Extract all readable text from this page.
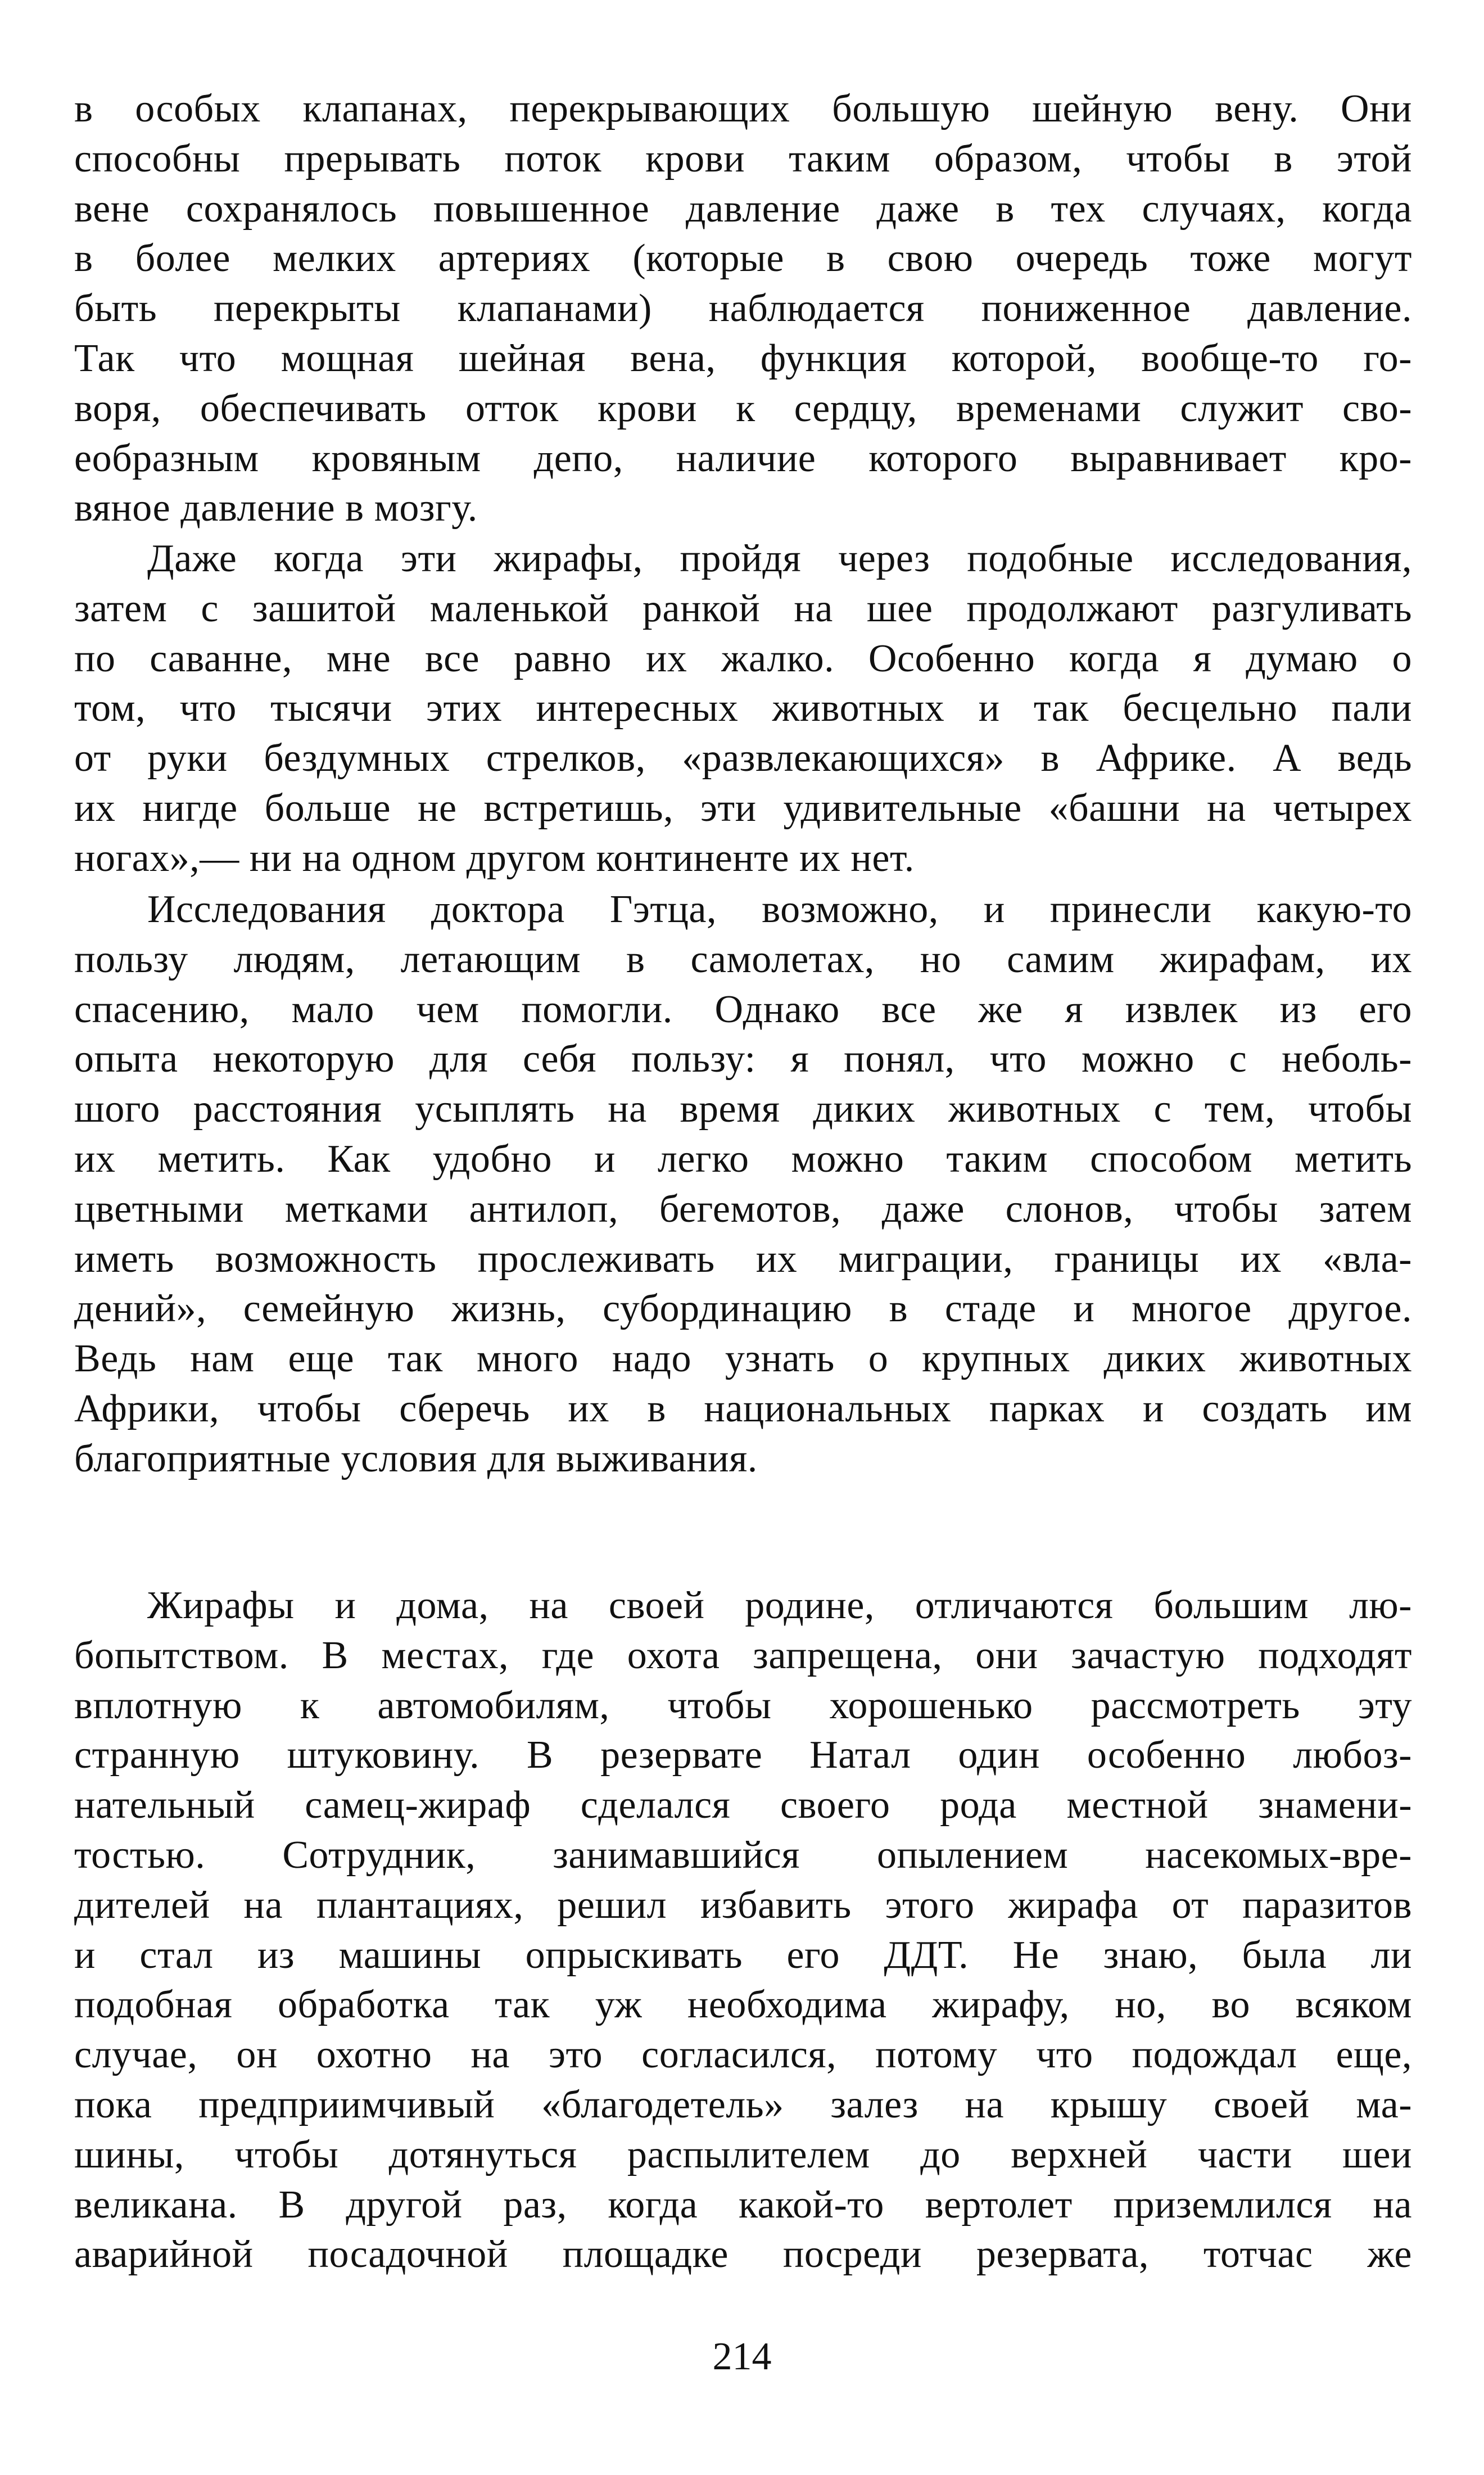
в особых клапанах, перекрывающих большую шейную вену. Они
способны прерывать поток крови таким образом, чтобы в этой
вене сохранялось повышенное давление даже в тех случаях, когда
в более мелких артериях (которые в свою очередь тоже могут
быть перекрыты клапанами) наблюдается пониженное давление.
Так что мощная шейная вена, функция которой, вообще-то го-
воря, обеспечивать отток крови к сердцу, временами служит сво-
еобразным кровяным депо, наличие которого выравнивает кро-
вяное давление в мозгу.
Даже когда эти жирафы, пройдя через подобные исследования,
затем с зашитой маленькой ранкой на шее продолжают разгуливать
по саванне, мне все равно их жалко. Особенно когда я думаю о
том, что тысячи этих интересных животных и так бесцельно пали
от руки бездумных стрелков, «развлекающихся» в Африке. А ведь
их нигде больше не встретишь, эти удивительные «башни на четырех
ногах»,— ни на одном другом континенте их нет.
Исследования доктора Гэтца, возможно, и принесли какую-то
пользу людям, летающим в самолетах, но самим жирафам, их
спасению, мало чем помогли. Однако все же я извлек из его
опыта некоторую для себя пользу: я понял, что можно с неболь-
шого расстояния усыплять на время диких животных с тем, чтобы
их метить. Как удобно и легко можно таким способом метить
цветными метками антилоп, бегемотов, даже слонов, чтобы затем
иметь возможность прослеживать их миграции, границы их «вла-
дений», семейную жизнь, субординацию в стаде и многое другое.
Ведь нам еще так много надо узнать о крупных диких животных
Африки, чтобы сберечь их в национальных парках и создать им
благоприятные условия для выживания.
Жирафы и дома, на своей родине, отличаются большим лю-
бопытством. В местах, где охота запрещена, они зачастую подходят
вплотную к автомобилям, чтобы хорошенько рассмотреть эту
странную штуковину. В резервате Натал один особенно любоз-
нательный самец-жираф сделался своего рода местной знамени-
тостью. Сотрудник, занимавшийся опылением насекомых-вре-
дителей на плантациях, решил избавить этого жирафа от паразитов
и стал из машины опрыскивать его ДДТ. Не знаю, была ли
подобная обработка так уж необходима жирафу, но, во всяком
случае, он охотно на это согласился, потому что подождал еще,
пока предприимчивый «благодетель» залез на крышу своей ма-
шины, чтобы дотянуться распылителем до верхней части шеи
великана. В другой раз, когда какой-то вертолет приземлился на
аварийной посадочной площадке посреди резервата, тотчас же
214
